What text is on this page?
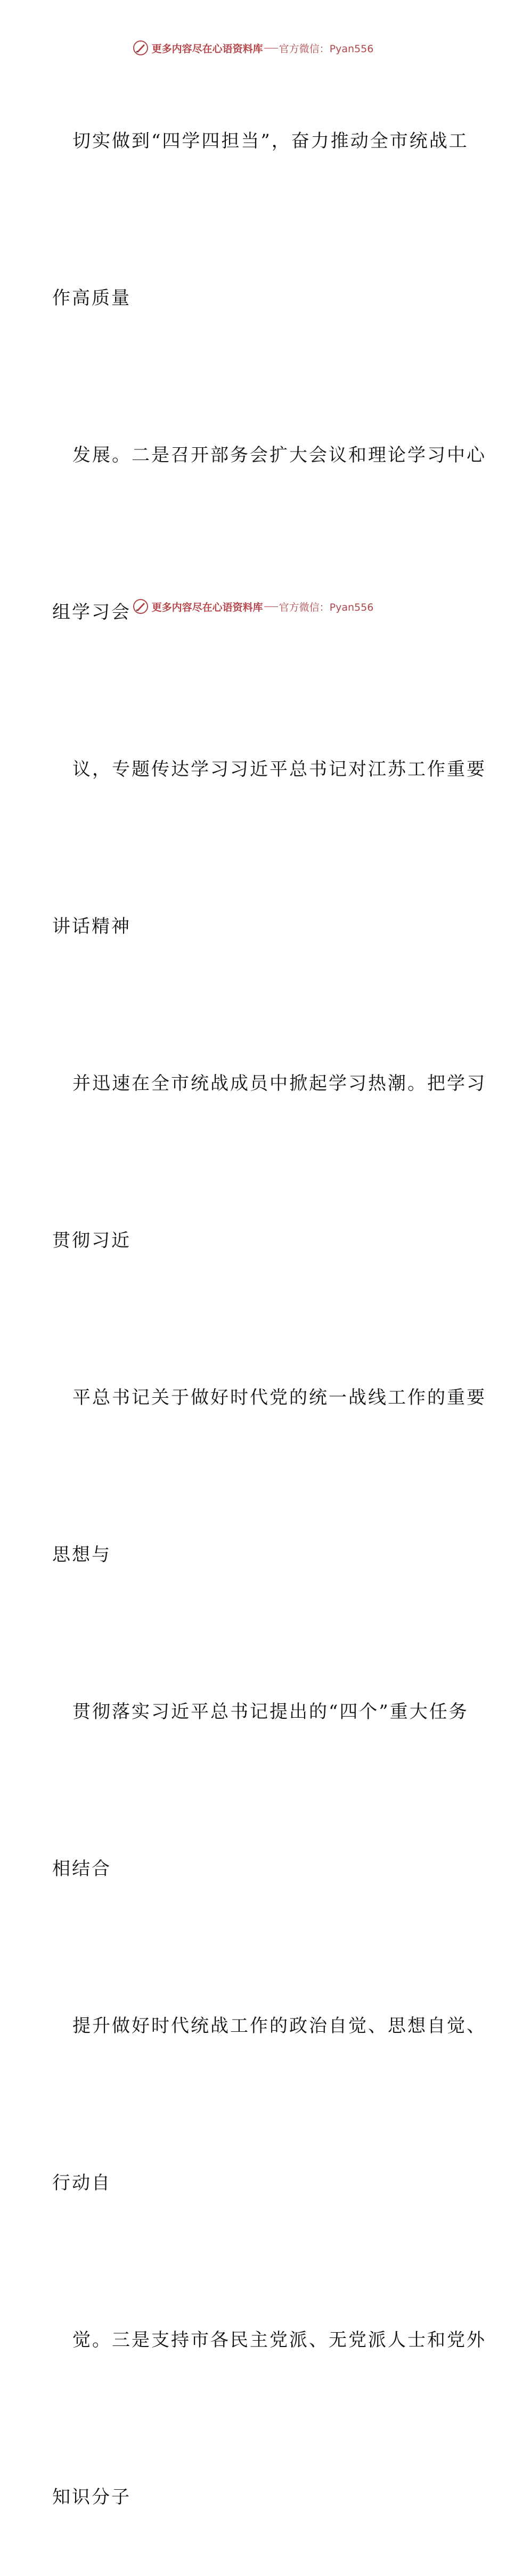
更多内容尽在心语资料库 官方微信：Pyan556

切实做到“四学四担当”，奋力推动全市统战工

作高质量

发展。二是召开部务会扩大会议和理论学习中心

组学习会

议，专题传达学习习近平总书记对江苏工作重要

讲话精神

并迅速在全市统战成员中掀起学习热潮。把学习

贯彻习近

平总书记关于做好时代党的统一战线工作的重要

思想与

贯彻落实习近平总书记提出的“四个”重大任务

相结合

提升做好时代统战工作的政治自觉、思想自觉、

行动自

觉。三是支持市各民主党派、无党派人士和党外

知识分子

更多内容尽在心语资料库 官方微信：Pyan556
